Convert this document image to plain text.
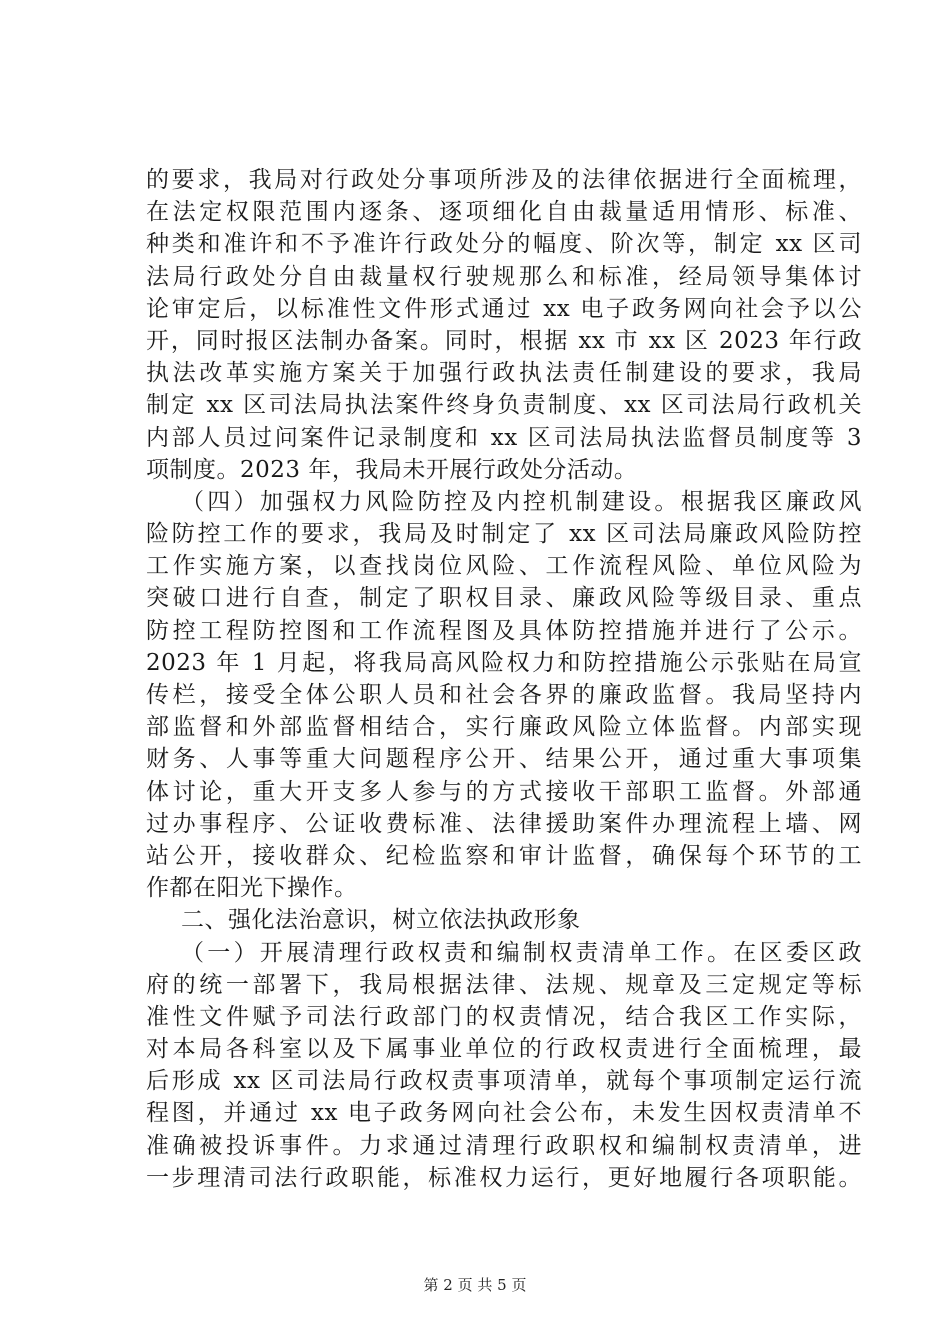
的要求，我局对行政处分事项所涉及的法律依据进行全面梳理，
在法定权限范围内逐条、逐项细化自由裁量适用情形、标准、
种类和准许和不予准许行政处分的幅度、阶次等，制定 xx 区司
法局行政处分自由裁量权行驶规那么和标准，经局领导集体讨
论审定后，以标准性文件形式通过 xx 电子政务网向社会予以公
开，同时报区法制办备案。同时，根据 xx 市 xx 区 2023 年行政
执法改革实施方案关于加强行政执法责任制建设的要求，我局
制定 xx 区司法局执法案件终身负责制度、xx 区司法局行政机关
内部人员过问案件记录制度和 xx 区司法局执法监督员制度等 3
项制度。2023 年，我局未开展行政处分活动。
（四）加强权力风险防控及内控机制建设。根据我区廉政风
险防控工作的要求，我局及时制定了 xx 区司法局廉政风险防控
工作实施方案，以查找岗位风险、工作流程风险、单位风险为
突破口进行自查，制定了职权目录、廉政风险等级目录、重点
防控工程防控图和工作流程图及具体防控措施并进行了公示。
2023 年 1 月起，将我局高风险权力和防控措施公示张贴在局宣
传栏，接受全体公职人员和社会各界的廉政监督。我局坚持内
部监督和外部监督相结合，实行廉政风险立体监督。内部实现
财务、人事等重大问题程序公开、结果公开，通过重大事项集
体讨论，重大开支多人参与的方式接收干部职工监督。外部通
过办事程序、公证收费标准、法律援助案件办理流程上墙、网
站公开，接收群众、纪检监察和审计监督，确保每个环节的工
作都在阳光下操作。
二、强化法治意识，树立依法执政形象
（一）开展清理行政权责和编制权责清单工作。在区委区政
府的统一部署下，我局根据法律、法规、规章及三定规定等标
准性文件赋予司法行政部门的权责情况，结合我区工作实际，
对本局各科室以及下属事业单位的行政权责进行全面梳理，最
后形成 xx 区司法局行政权责事项清单，就每个事项制定运行流
程图，并通过 xx 电子政务网向社会公布，未发生因权责清单不
准确被投诉事件。力求通过清理行政职权和编制权责清单，进
一步理清司法行政职能，标准权力运行，更好地履行各项职能。
第 2 页 共 5 页
